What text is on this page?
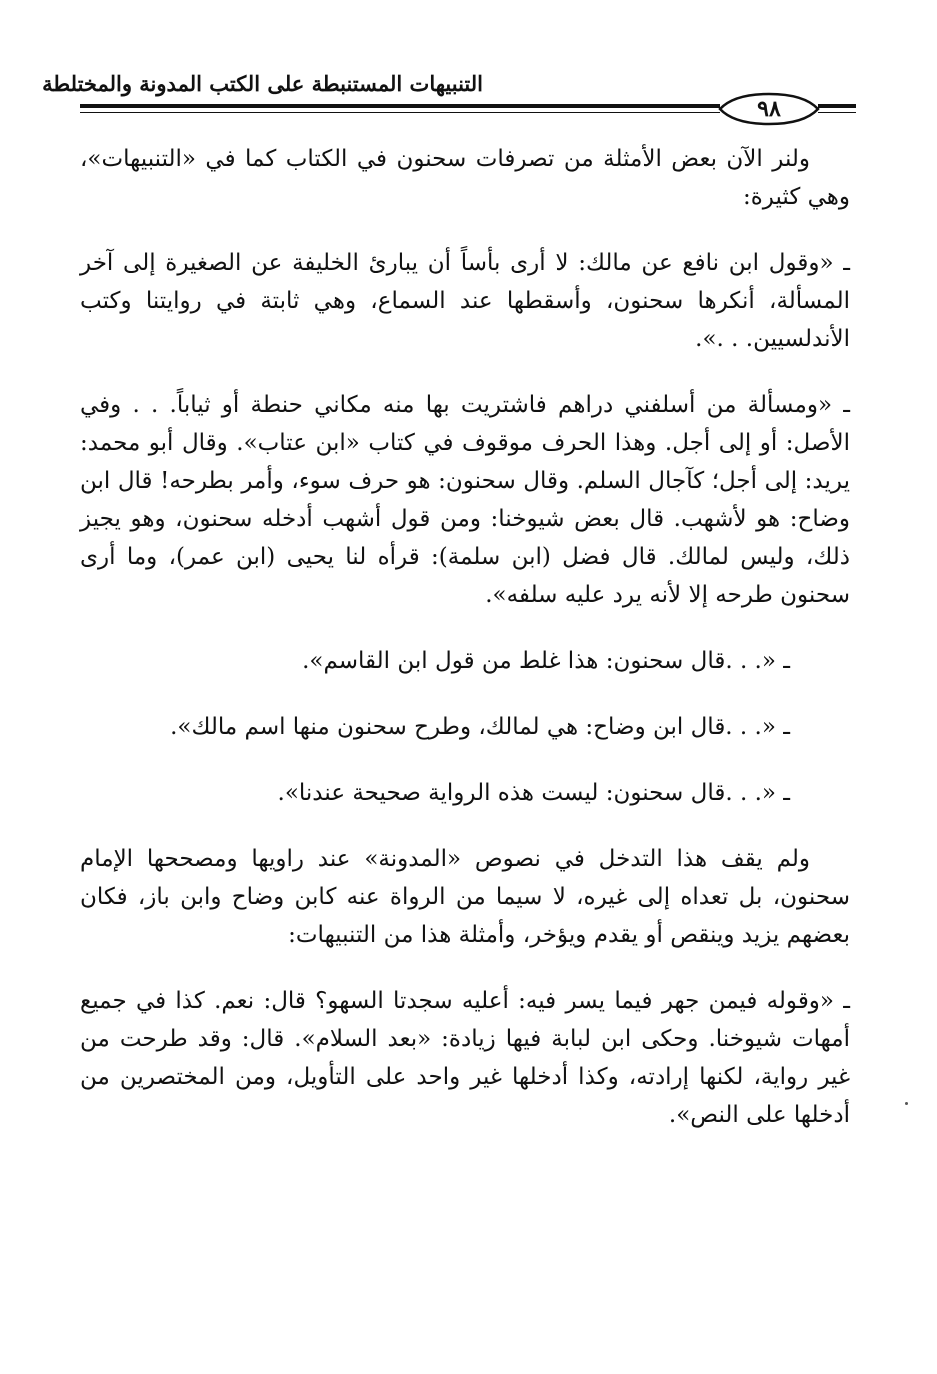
التنبيهات المستنبطة على الكتب المدونة والمختلطة
٩٨

ولنر الآن بعض الأمثلة من تصرفات سحنون في الكتاب كما في «التنبيهات»، وهي كثيرة:

ـ «وقول ابن نافع عن مالك: لا أرى بأساً أن يبارئ الخليفة عن الصغيرة إلى آخر المسألة، أنكرها سحنون، وأسقطها عند السماع، وهي ثابتة في روايتنا وكتب الأندلسيين. . .».

ـ «ومسألة من أسلفني دراهم فاشتريت بها منه مكاني حنطة أو ثياباً. . . وفي الأصل: أو إلى أجل. وهذا الحرف موقوف في كتاب «ابن عتاب». وقال أبو محمد: يريد: إلى أجل؛ كآجال السلم. وقال سحنون: هو حرف سوء، وأمر بطرحه! قال ابن وضاح: هو لأشهب. قال بعض شيوخنا: ومن قول أشهب أدخله سحنون، وهو يجيز ذلك، وليس لمالك. قال فضل (ابن سلمة): قرأه لنا يحيى (ابن عمر)، وما أرى سحنون طرحه إلا لأنه يرد عليه سلفه».

ـ «. . .قال سحنون: هذا غلط من قول ابن القاسم».

ـ «. . .قال ابن وضاح: هي لمالك، وطرح سحنون منها اسم مالك».

ـ «. . .قال سحنون: ليست هذه الرواية صحيحة عندنا».

ولم يقف هذا التدخل في نصوص «المدونة» عند راويها ومصححها الإمام سحنون، بل تعداه إلى غيره، لا سيما من الرواة عنه كابن وضاح وابن باز، فكان بعضهم يزيد وينقص أو يقدم ويؤخر، وأمثلة هذا من التنبيهات:

ـ «وقوله فيمن جهر فيما يسر فيه: أعليه سجدتا السهو؟ قال: نعم. كذا في جميع أمهات شيوخنا. وحكى ابن لبابة فيها زيادة: «بعد السلام». قال: وقد طرحت من غير رواية، لكنها إرادته، وكذا أدخلها غير واحد على التأويل، ومن المختصرين من أدخلها على النص».
